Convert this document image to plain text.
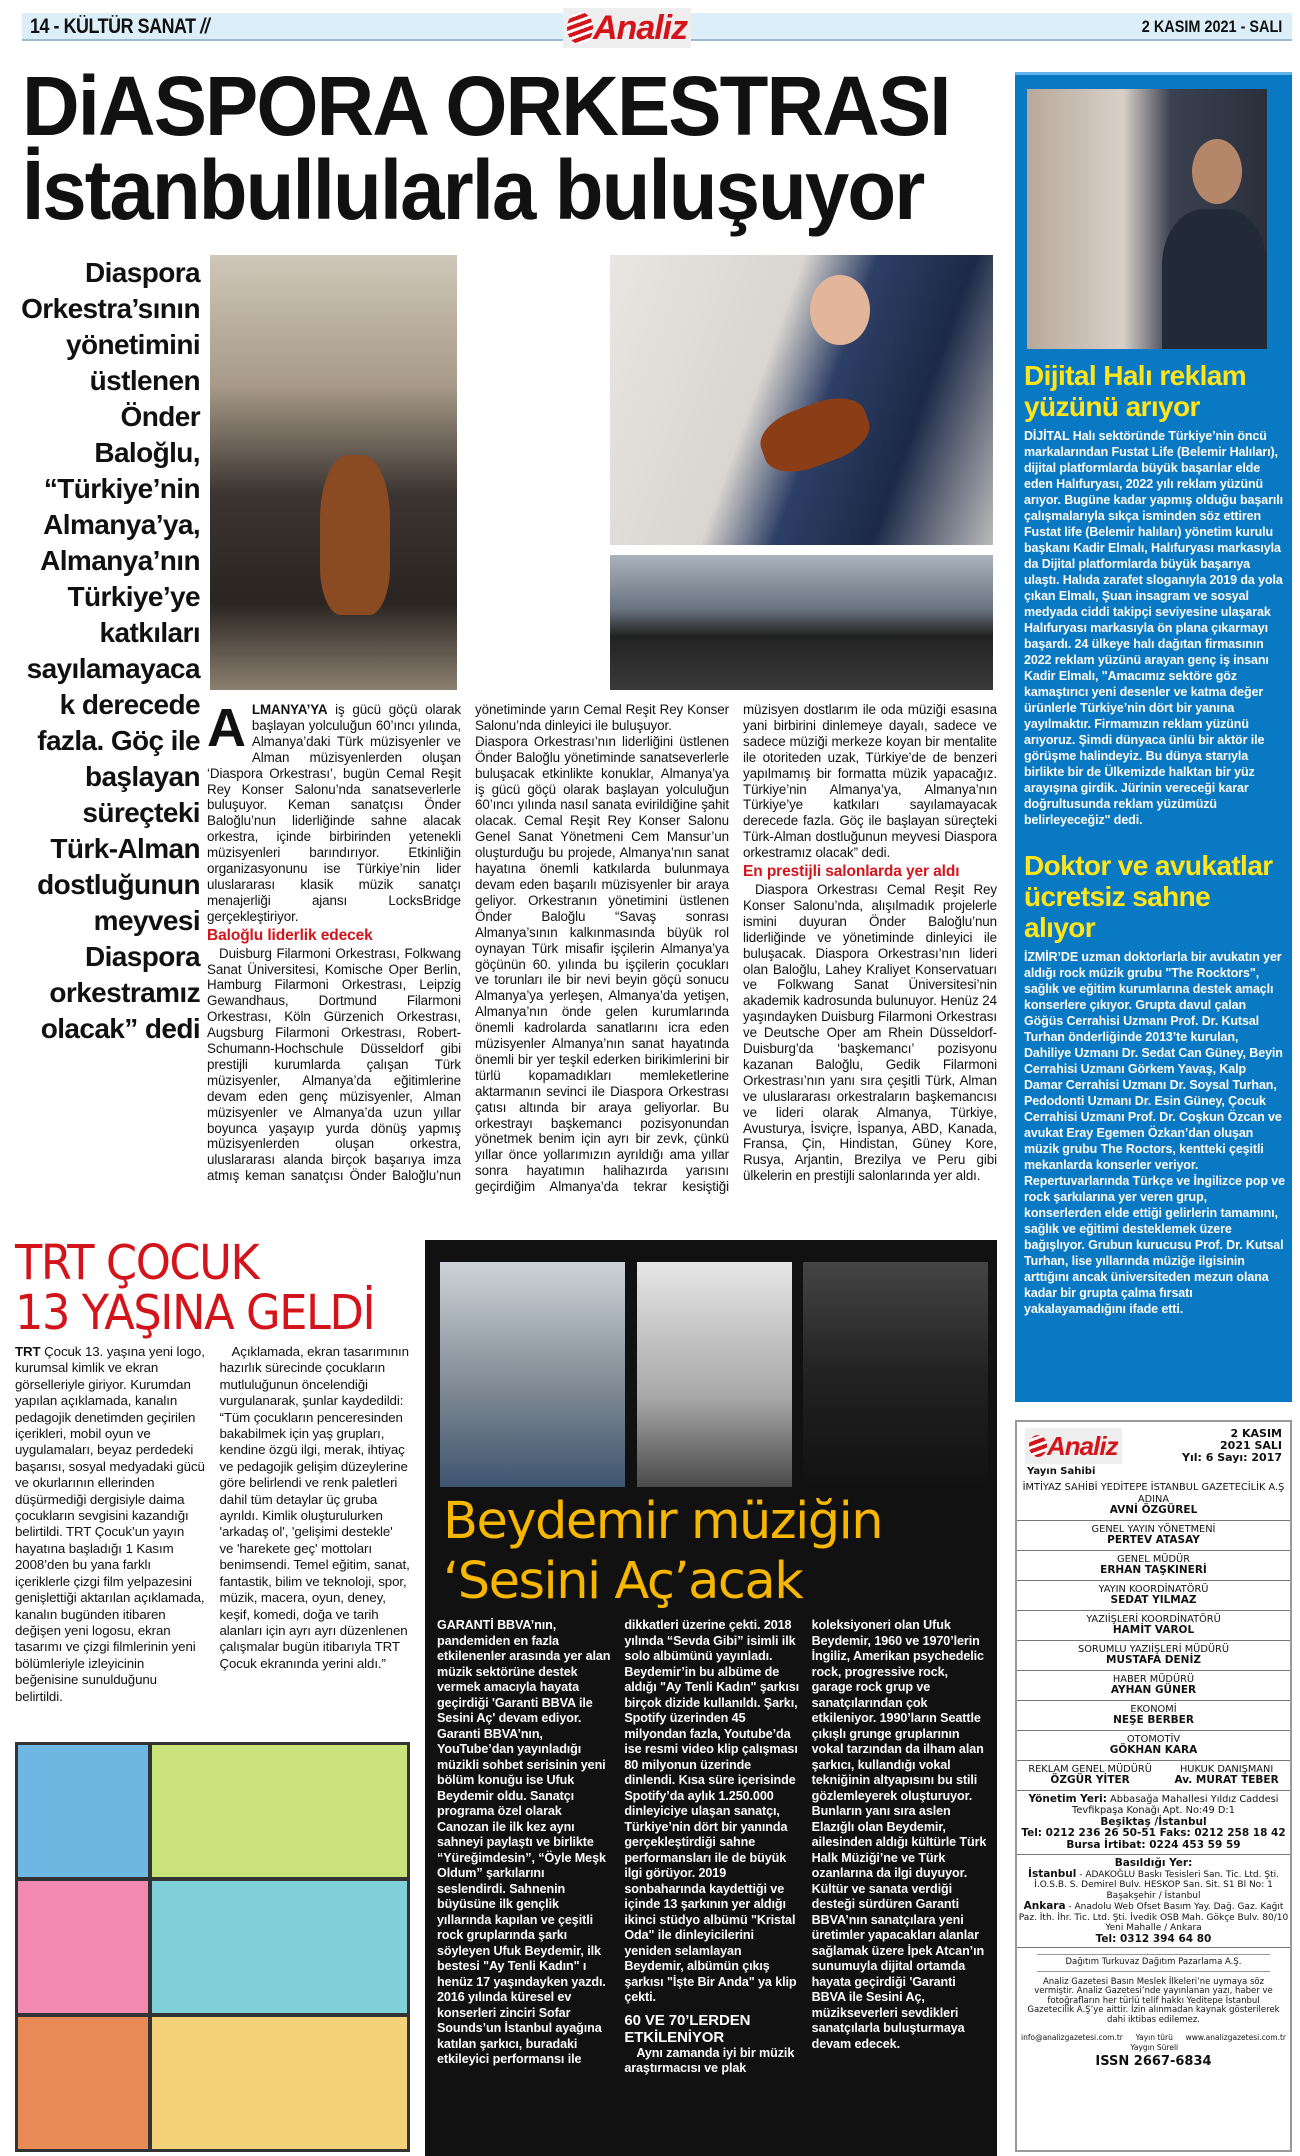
14 - KÜLTÜR SANAT //	2 KASIM 2021 - SALI
Analiz
DiASPORA ORKESTRASI
İstanbullularla buluşuyor
Diaspora Orkestra’sının yönetimini üstlenen Önder Baloğlu, “Türkiye’nin Almanya’ya, Almanya’nın Türkiye’ye katkıları sayılamayacak derecede fazla. Göç ile başlayan süreçteki Türk-Alman dostluğunun meyvesi Diaspora orkestramız olacak” dedi
ALMANYA’YA iş gücü göçü olarak başlayan yolculuğun 60’ıncı yılında, Almanya’daki Türk müzisyenler ve Alman müzisyenlerden oluşan ‘Diaspora Orkestrası’, bugün Cemal Reşit Rey Konser Salonu’nda sanatseverlerle buluşuyor. Keman sanatçısı Önder Baloğlu’nun liderliğinde sahne alacak orkestra, içinde birbirinden yetenekli müzisyenleri barındırıyor. Etkinliğin organizasyonunu ise Türkiye’nin lider uluslararası klasik müzik sanatçı menajerliği ajansı LocksBridge gerçekleştiriyor.
Baloğlu liderlik edecek

Duisburg Filarmoni Orkestrası, Folkwang Sanat Üniversitesi, Komische Oper Berlin, Hamburg Filarmoni Orkestrası, Leipzig Gewandhaus, Dortmund Filarmoni Orkestrası, Köln Gürzenich Orkestrası, Augsburg Filarmoni Orkestrası, Robert-Schumann-Hochschule Düsseldorf gibi prestijli kurumlarda çalışan Türk müzisyenler, Almanya’da eğitimlerine devam eden genç müzisyenler, Alman müzisyenler ve Almanya’da uzun yıllar boyunca yaşayıp yurda dönüş yapmış müzisyenlerden oluşan orkestra, uluslararası alanda birçok başarıya imza atmış keman sanatçısı Önder Baloğlu’nun yönetiminde yarın Cemal Reşit Rey Konser Salonu’nda dinleyici ile buluşuyor.

Diaspora Orkestrası’nın liderliğini üstlenen Önder Baloğlu yönetiminde sanatseverlerle buluşacak etkinlikte konuklar, Almanya’ya iş gücü göçü olarak başlayan yolculuğun 60’ıncı yılında nasıl sanata evirildiğine şahit olacak. Cemal Reşit Rey Konser Salonu Genel Sanat Yönetmeni Cem Mansur’un oluşturduğu bu projede, Almanya’nın sanat hayatına önemli katkılarda bulunmaya devam eden başarılı müzisyenler bir araya geliyor. Orkestranın yönetimini üstlenen Önder Baloğlu “Savaş sonrası Almanya’sının kalkınmasında büyük rol oynayan Türk misafir işçilerin Almanya’ya göçünün 60. yılında bu işçilerin çocukları ve torunları ile bir nevi beyin göçü sonucu Almanya’ya yerleşen, Almanya’da yetişen, Almanya’nın önde gelen kurumlarında önemli kadrolarda sanatlarını icra eden müzisyenler Almanya’nın sanat hayatında önemli bir yer teşkil ederken birikimlerini bir türlü kopamadıkları memleketlerine aktarmanın sevinci ile Diaspora Orkestrası çatısı altında bir araya geliyorlar. Bu orkestrayı başkemancı pozisyonundan yönetmek benim için ayrı bir zevk, çünkü yıllar önce yollarımızın ayrıldığı ama yıllar sonra hayatımın halihazırda yarısını geçirdiğim Almanya’da tekrar kesiştiği müzisyen dostlarım ile oda müziği esasına yani birbirini dinlemeye dayalı, sadece ve sadece müziği merkeze koyan bir mentalite ile otoriteden uzak, Türkiye’de de benzeri yapılmamış bir formatta müzik yapacağız. Türkiye’nin Almanya’ya, Almanya’nın Türkiye’ye katkıları sayılamayacak derecede fazla. Göç ile başlayan süreçteki Türk-Alman dostluğunun meyvesi Diaspora orkestramız olacak” dedi.

En prestijli salonlarda yer aldı

Diaspora Orkestrası Cemal Reşit Rey Konser Salonu’nda, alışılmadık projelerle ismini duyuran Önder Baloğlu’nun liderliğinde ve yönetiminde dinleyici ile buluşacak. Diaspora Orkestrası’nın lideri olan Baloğlu, Lahey Kraliyet Konservatuarı ve Folkwang Sanat Üniversitesi’nin akademik kadrosunda bulunuyor. Henüz 24 yaşındayken Duisburg Filarmoni Orkestrası ve Deutsche Oper am Rhein Düsseldorf-Duisburg’da ‘başkemancı’ pozisyonu kazanan Baloğlu, Gedik Filarmoni Orkestrası’nın yanı sıra çeşitli Türk, Alman ve uluslararası orkestraların başkemancısı ve lideri olarak Almanya, Türkiye, Avusturya, İsviçre, İspanya, ABD, Kanada, Fransa, Çin, Hindistan, Güney Kore, Rusya, Arjantin, Brezilya ve Peru gibi ülkelerin en prestijli salonlarında yer aldı.

Dijital Halı reklam yüzünü arıyor

DİJİTAL Halı sektöründe Türkiye’nin öncü markalarından Fustat Life (Belemir Halıları), dijital platformlarda büyük başarılar elde eden Halıfuryası, 2022 yılı reklam yüzünü arıyor. Bugüne kadar yapmış olduğu başarılı çalışmalarıyla sıkça isminden söz ettiren Fustat life (Belemir halıları) yönetim kurulu başkanı Kadir Elmalı, Halıfuryası markasıyla da Dijital platformlarda büyük başarıya ulaştı. Halıda zarafet sloganıyla 2019 da yola çıkan Elmalı, Şuan insagram ve sosyal medyada ciddi takipçi seviyesine ulaşarak Halıfuryası markasıyla ön plana çıkarmayı başardı. 24 ülkeye halı dağıtan firmasının 2022 reklam yüzünü arayan genç iş insanı Kadir Elmalı, "Amacımız sektöre göz kamaştırıcı yeni desenler ve katma değer ürünlerle Türkiye’nin dört bir yanına yayılmaktır. Firmamızın reklam yüzünü arıyoruz. Şimdi dünyaca ünlü bir aktör ile görüşme halindeyiz. Bu dünya starıyla birlikte bir de Ülkemizde halktan bir yüz arayışına girdik. Jürinin vereceği karar doğrultusunda reklam yüzümüzü belirleyeceğiz" dedi.

Doktor ve avukatlar ücretsiz sahne alıyor

İZMİR’DE uzman doktorlarla bir avukatın yer aldığı rock müzik grubu "The Rocktors", sağlık ve eğitim kurumlarına destek amaçlı konserlere çıkıyor. Grupta davul çalan Göğüs Cerrahisi Uzmanı Prof. Dr. Kutsal Turhan önderliğinde 2013’te kurulan, Dahiliye Uzmanı Dr. Sedat Can Güney, Beyin Cerrahisi Uzmanı Görkem Yavaş, Kalp Damar Cerrahisi Uzmanı Dr. Soysal Turhan, Pedodonti Uzmanı Dr. Esin Güney, Çocuk Cerrahisi Uzmanı Prof. Dr. Coşkun Özcan ve avukat Eray Egemen Özkan’dan oluşan müzik grubu The Roctors, kentteki çeşitli mekanlarda konserler veriyor. Repertuvarlarında Türkçe ve İngilizce pop ve rock şarkılarına yer veren grup, konserlerden elde ettiği gelirlerin tamamını, sağlık ve eğitimi desteklemek üzere bağışlıyor. Grubun kurucusu Prof. Dr. Kutsal Turhan, lise yıllarında müziğe ilgisinin arttığını ancak üniversiteden mezun olana kadar bir grupta çalma fırsatı yakalayamadığını ifade etti.

TRT ÇOCUK
13 YAŞINA GELDİ
TRT Çocuk 13. yaşına yeni logo, kurumsal kimlik ve ekran görselleriyle giriyor. Kurumdan yapılan açıklamada, kanalın pedagojik denetimden geçirilen içerikleri, mobil oyun ve uygulamaları, beyaz perdedeki başarısı, sosyal medyadaki gücü ve okurlarının ellerinden düşürmediği dergisiyle daima çocukların sevgisini kazandığı belirtildi. TRT Çocuk’un yayın hayatına başladığı 1 Kasım 2008’den bu yana farklı içeriklerle çizgi film yelpazesini genişlettiği aktarılan açıklamada, kanalın bugünden itibaren değişen yeni logosu, ekran tasarımı ve çizgi filmlerinin yeni bölümleriyle izleyicinin beğenisine sunulduğunu belirtildi.

Açıklamada, ekran tasarımının hazırlık sürecinde çocukların mutluluğunun öncelendiği vurgulanarak, şunlar kaydedildi: “Tüm çocukların penceresinden bakabilmek için yaş grupları, kendine özgü ilgi, merak, ihtiyaç ve pedagojik gelişim düzeylerine göre belirlendi ve renk paletleri dahil tüm detaylar üç gruba ayrıldı. Kimlik oluşturulurken 'arkadaş ol', 'gelişimi destekle' ve 'harekete geç' mottoları benimsendi. Temel eğitim, sanat, fantastik, bilim ve teknoloji, spor, müzik, macera, oyun, deney, keşif, komedi, doğa ve tarih alanları için ayrı ayrı düzenlenen çalışmalar bugün itibarıyla TRT Çocuk ekranında yerini aldı.”

Beydemir müziğin
‘Sesini Aç’acak

GARANTİ BBVA’nın, pandemiden en fazla etkilenenler arasında yer alan müzik sektörüne destek vermek amacıyla hayata geçirdiği 'Garanti BBVA ile Sesini Aç' devam ediyor. Garanti BBVA’nın, YouTube’dan yayınladığı müzikli sohbet serisinin yeni bölüm konuğu ise Ufuk Beydemir oldu. Sanatçı programa özel olarak Canozan ile ilk kez aynı sahneyi paylaştı ve birlikte “Yüreğimdesin”, “Öyle Meşk Oldum” şarkılarını seslendirdi. Sahnenin büyüsüne ilk gençlik yıllarında kapılan ve çeşitli rock gruplarında şarkı söyleyen Ufuk Beydemir, ilk bestesi "Ay Tenli Kadın" ı henüz 17 yaşındayken yazdı. 2016 yılında küresel ev konserleri zinciri Sofar Sounds’un İstanbul ayağına katılan şarkıcı, buradaki etkileyici performansı ile dikkatleri üzerine çekti. 2018 yılında “Sevda Gibi” isimli ilk solo albümünü yayınladı. Beydemir’in bu albüme de aldığı "Ay Tenli Kadın" şarkısı birçok dizide kullanıldı. Şarkı, Spotify üzerinden 45 milyondan fazla, Youtube’da ise resmi video klip çalışması 80 milyonun üzerinde dinlendi. Kısa süre içerisinde Spotify’da aylık 1.250.000 dinleyiciye ulaşan sanatçı, Türkiye’nin dört bir yanında gerçekleştirdiği sahne performansları ile de büyük ilgi görüyor. 2019 sonbaharında kaydettiği ve içinde 13 şarkının yer aldığı ikinci stüdyo albümü "Kristal Oda" ile dinleyicilerini yeniden selamlayan Beydemir, albümün çıkış şarkısı "İşte Bir Anda" ya klip çekti.

60 VE 70’LERDEN ETKİLENİYOR

Aynı zamanda iyi bir müzik araştırmacısı ve plak koleksiyoneri olan Ufuk Beydemir, 1960 ve 1970’lerin İngiliz, Amerikan psychedelic rock, progressive rock, garage rock grup ve sanatçılarından çok etkileniyor. 1990’ların Seattle çıkışlı grunge gruplarının vokal tarzından da ilham alan şarkıcı, kullandığı vokal tekniğinin altyapısını bu stili gözlemleyerek oluşturuyor. Bunların yanı sıra aslen Elazığlı olan Beydemir, ailesinden aldığı kültürle Türk Halk Müziği’ne ve Türk ozanlarına da ilgi duyuyor. Kültür ve sanata verdiği desteği sürdüren Garanti BBVA’nın sanatçılara yeni üretimler yapacakları alanlar sağlamak üzere İpek Atcan’ın sunumuyla dijital ortamda hayata geçirdiği 'Garanti BBVA ile Sesini Aç, müzikseverleri sevdikleri sanatçılarla buluşturmaya devam edecek.

Analiz	2 KASIM
2021 SALI
Yıl: 6 Sayı: 2017
Yayın Sahibi
İMTİYAZ SAHİBİ YEDİTEPE İSTANBUL GAZETECİLİK A.Ş ADINA
AVNİ ÖZGÜREL
GENEL YAYIN YÖNETMENİ
PERTEV ATASAY
GENEL MÜDÜR
ERHAN TAŞKINERİ
YAYIN KOORDİNATÖRÜ
SEDAT YILMAZ
YAZIİŞLERİ KOORDİNATÖRÜ
HAMİT VAROL
SORUMLU YAZIİŞLERİ MÜDÜRÜ
MUSTAFA DENİZ
HABER MÜDÜRÜ
AYHAN GÜNER
EKONOMİ
NEŞE BERBER
OTOMOTİV
GÖKHAN KARA
REKLAM GENEL MÜDÜRÜ
ÖZGÜR YİTER
HUKUK DANIŞMANI
Av. MURAT TEBER
Yönetim Yeri: Abbasağa Mahallesi Yıldız Caddesi Tevfikpaşa Konağı Apt. No:49 D:1
Beşiktaş /İstanbul
Tel: 0212 236 26 50-51 Faks: 0212 258 18 42
Bursa İrtibat: 0224 453 59 59
Basıldığı Yer:
İstanbul - ADAKOĞLU Baskı Tesisleri San. Tic. Ltd. Şti. İ.O.S.B. S. Demirel Bulv. HESKOP San. Sit. S1 Bl No: 1 Başakşehir / İstanbul
Ankara - Anadolu Web Ofset Basım Yay. Dağ. Gaz. Kağıt Paz. İth. İhr. Tic. Ltd. Şti. İvedik OSB Mah. Gökçe Bulv. 80/10 Yeni Mahalle / Ankara
Tel: 0312 394 64 80
Dağıtım Turkuvaz Dağıtım Pazarlama A.Ş.
Analiz Gazetesi Basın Meslek İlkeleri’ne uymaya söz vermiştir. Analiz Gazetesi’nde yayınlanan yazı, haber ve fotoğrafların her türlü telif hakkı Yeditepe İstanbul Gazetecilik A.Ş’ye aittir. İzin alınmadan kaynak gösterilerek dahi iktibas edilemez.
info@analizgazetesi.com.tr	Yayın türü Yaygın Süreli
www.analizgazetesi.com.tr
ISSN 2667-6834
